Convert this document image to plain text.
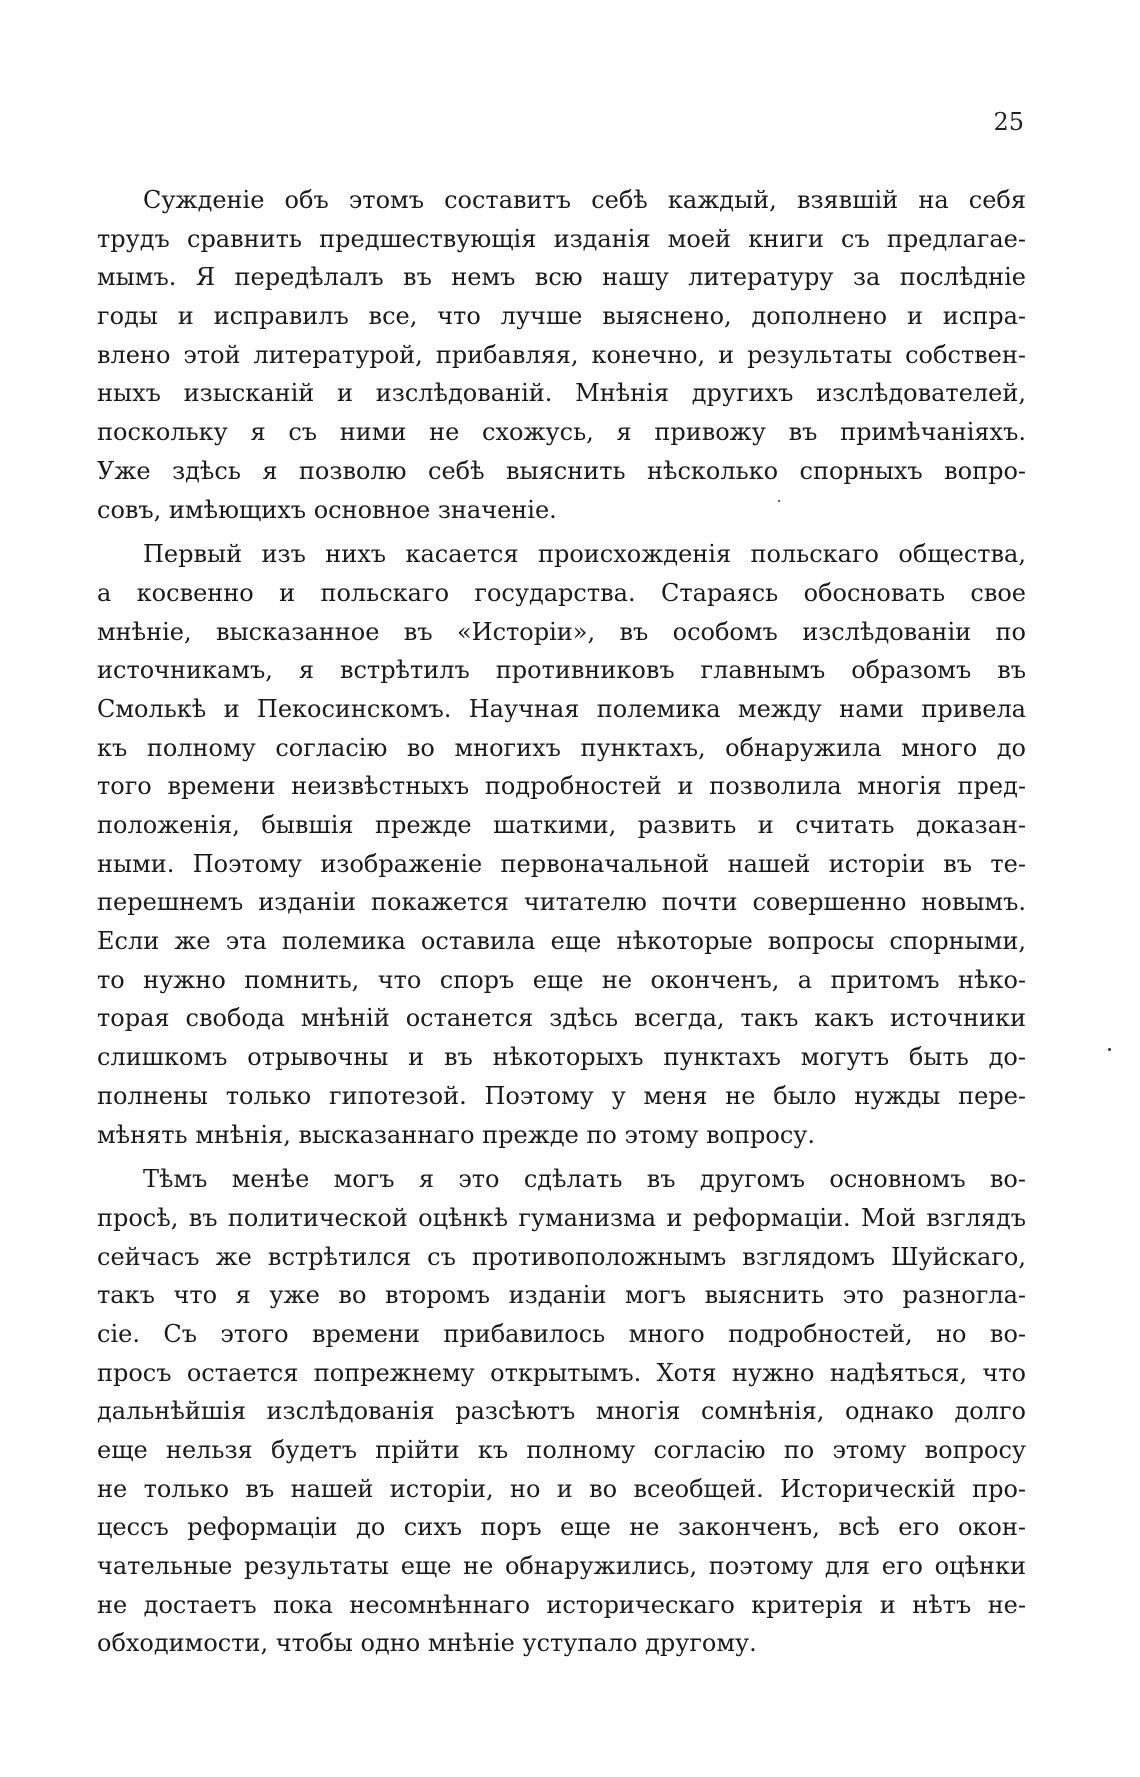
25
Сужденіе объ этомъ составитъ себѣ каждый, взявшій на себя
трудъ сравнить предшествующія изданія моей книги съ предлагае-
мымъ. Я передѣлалъ въ немъ всю нашу литературу за послѣдніе
годы и исправилъ все, что лучше выяснено, дополнено и испра-
влено этой литературой, прибавляя, конечно, и результаты собствен-
ныхъ изысканій и изслѣдованій. Мнѣнія другихъ изслѣдователей,
поскольку я съ ними не схожусь, я привожу въ примѣчаніяхъ.
Уже здѣсь я позволю себѣ выяснить нѣсколько спорныхъ вопро-
совъ, имѣющихъ основное значеніе.
Первый изъ нихъ касается происхожденія польскаго общества,
а косвенно и польскаго государства. Стараясь обосновать свое
мнѣніе, высказанное въ «Исторіи», въ особомъ изслѣдованіи по
источникамъ, я встрѣтилъ противниковъ главнымъ образомъ въ
Смолькѣ и Пекосинскомъ. Научная полемика между нами привела
къ полному согласію во многихъ пунктахъ, обнаружила много до
того времени неизвѣстныхъ подробностей и позволила многія пред-
положенія, бывшія прежде шаткими, развить и считать доказан-
ными. Поэтому изображеніе первоначальной нашей исторіи въ те-
перешнемъ изданіи покажется читателю почти совершенно новымъ.
Если же эта полемика оставила еще нѣкоторые вопросы спорными,
то нужно помнить, что споръ еще не оконченъ, а притомъ нѣко-
торая свобода мнѣній останется здѣсь всегда, такъ какъ источники
слишкомъ отрывочны и въ нѣкоторыхъ пунктахъ могутъ быть до-
полнены только гипотезой. Поэтому у меня не было нужды пере-
мѣнять мнѣнія, высказаннаго прежде по этому вопросу.
Тѣмъ менѣе могъ я это сдѣлать въ другомъ основномъ во-
просѣ, въ политической оцѣнкѣ гуманизма и реформаціи. Мой взглядъ
сейчасъ же встрѣтился съ противоположнымъ взглядомъ Шуйскаго,
такъ что я уже во второмъ изданіи могъ выяснить это разногла-
сіе. Съ этого времени прибавилось много подробностей, но во-
просъ остается попрежнему открытымъ. Хотя нужно надѣяться, что
дальнѣйшія изслѣдованія разсѣютъ многія сомнѣнія, однако долго
еще нельзя будетъ прійти къ полному согласію по этому вопросу
не только въ нашей исторіи, но и во всеобщей. Историческій про-
цессъ реформаціи до сихъ поръ еще не законченъ, всѣ его окон-
чательные результаты еще не обнаружились, поэтому для его оцѣнки
не достаетъ пока несомнѣннаго историческаго критерія и нѣтъ не-
обходимости, чтобы одно мнѣніе уступало другому.
